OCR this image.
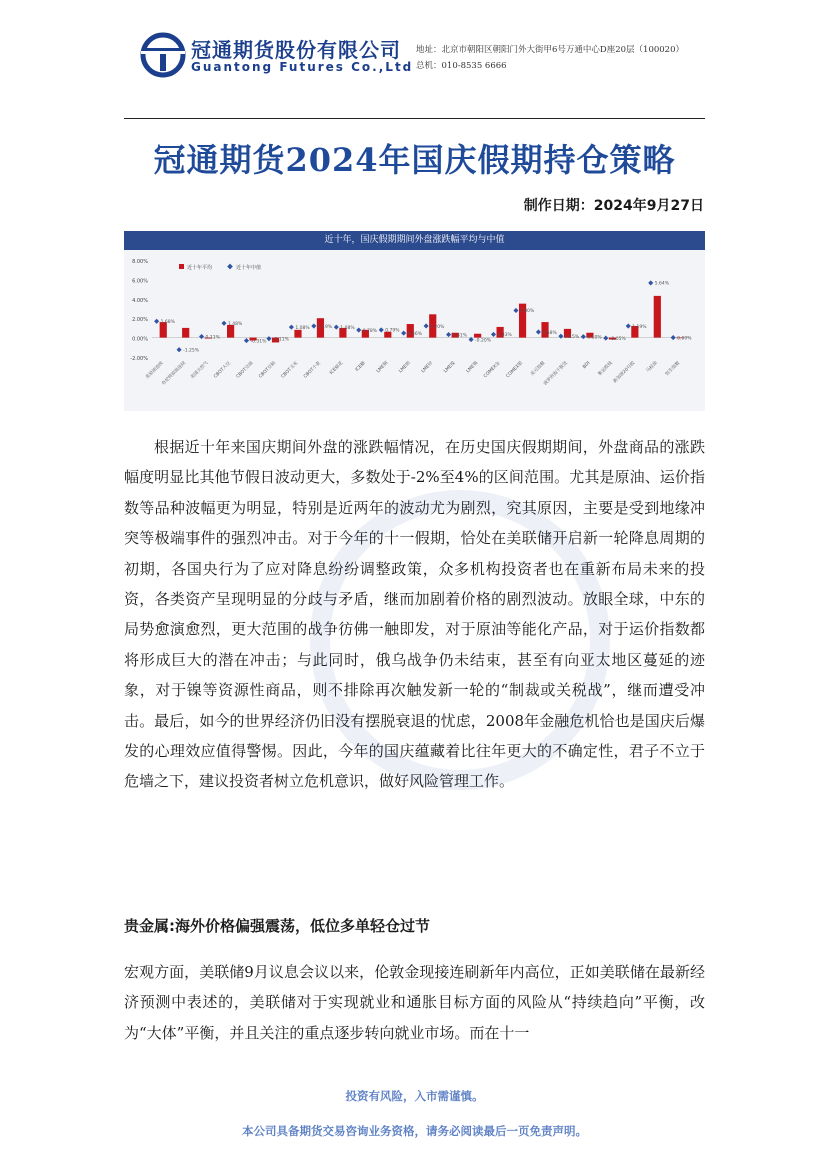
冠通期货股份有限公司
Guantong Futures Co.,Ltd
地址：北京市朝阳区朝阳门外大街甲6号万通中心D座20层（100020）
总机：010-8535 6666
冠通期货2024年国庆假期持仓策略
制作日期：2024年9月27日
近十年，国庆假期期间外盘涨跌幅平均与中值
8.00%
6.00%
4.00%
2.00%
0.00%
-2.00%
近十年平均	近十年中值
1.68%
美原油连续
-1.25%
布伦特原油连续
0.11%
美国天然气
1.48%
CBOT大豆
-0.31%
CBOT豆油
-0.11%
CBOT豆粕
1.08%
CBOT玉米
1.19%
CBOT小麦
1.08%
ICE棉花
0.78%
ICE糖
0.79%
LME铜
0.46%
LME铝
1.20%
LME锌
0.31%
LME镍
-0.20%
LME锡
0.33%
COMEX金
2.80%
COMEX银
0.58%
美元指数
0.15%
波罗的海干散货
0.10%
BDI
-0.05%
集运欧线
1.19%
新加坡20号胶
5.64%
马棕油
0.00%
恒生指数
根据近十年来国庆期间外盘的涨跌幅情况，在历史国庆假期期间，外盘商品的涨跌幅度明显比其他节假日波动更大，多数处于-2%至4%的区间范围。尤其是原油、运价指数等品种波幅更为明显，特别是近两年的波动尤为剧烈，究其原因，主要是受到地缘冲突等极端事件的强烈冲击。对于今年的十一假期，恰处在美联储开启新一轮降息周期的初期，各国央行为了应对降息纷纷调整政策，众多机构投资者也在重新布局未来的投资，各类资产呈现明显的分歧与矛盾，继而加剧着价格的剧烈波动。放眼全球，中东的局势愈演愈烈，更大范围的战争彷佛一触即发，对于原油等能化产品，对于运价指数都将形成巨大的潜在冲击；与此同时，俄乌战争仍未结束，甚至有向亚太地区蔓延的迹象，对于镍等资源性商品，则不排除再次触发新一轮的“制裁或关税战”，继而遭受冲击。最后，如今的世界经济仍旧没有摆脱衰退的忧虑，2008年金融危机恰也是国庆后爆发的心理效应值得警惕。因此，今年的国庆蕴藏着比往年更大的不确定性，君子不立于危墙之下，建议投资者树立危机意识，做好风险管理工作。
贵金属:海外价格偏强震荡，低位多单轻仓过节
宏观方面，美联储9月议息会议以来，伦敦金现接连刷新年内高位，正如美联储在最新经济预测中表述的，美联储对于实现就业和通胀目标方面的风险从“持续趋向”平衡，改为“大体”平衡，并且关注的重点逐步转向就业市场。而在十一
投资有风险，入市需谨慎。
本公司具备期货交易咨询业务资格，请务必阅读最后一页免责声明。
